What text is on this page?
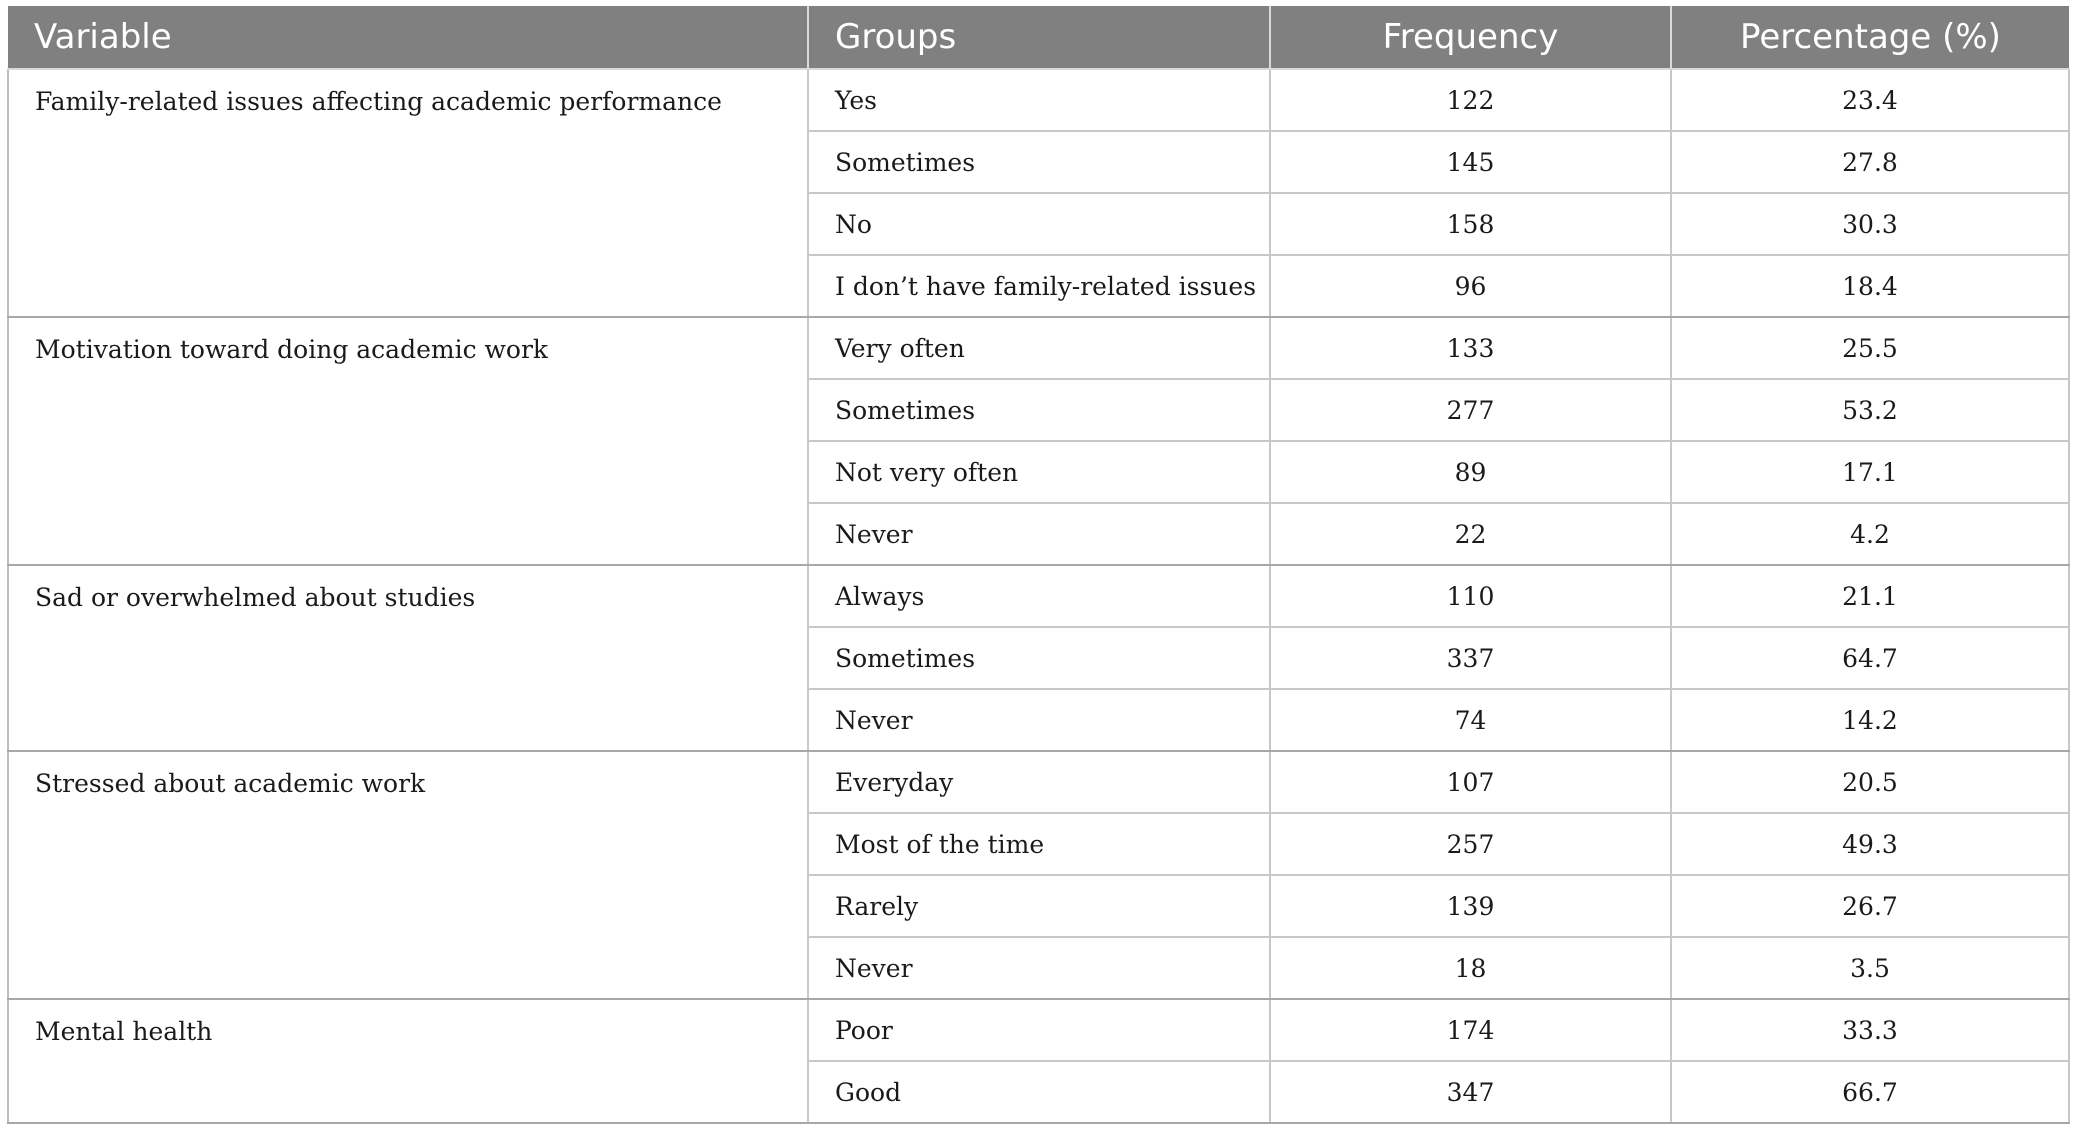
Variable	Groups	Frequency	Percentage (%)
Family-related issues affecting academic performance	Yes	122	23.4
	Sometimes	145	27.8
	No	158	30.3
	I don’t have family-related issues	96	18.4
Motivation toward doing academic work	Very often	133	25.5
	Sometimes	277	53.2
	Not very often	89	17.1
	Never	22	4.2
Sad or overwhelmed about studies	Always	110	21.1
	Sometimes	337	64.7
	Never	74	14.2
Stressed about academic work	Everyday	107	20.5
	Most of the time	257	49.3
	Rarely	139	26.7
	Never	18	3.5
Mental health	Poor	174	33.3
	Good	347	66.7
